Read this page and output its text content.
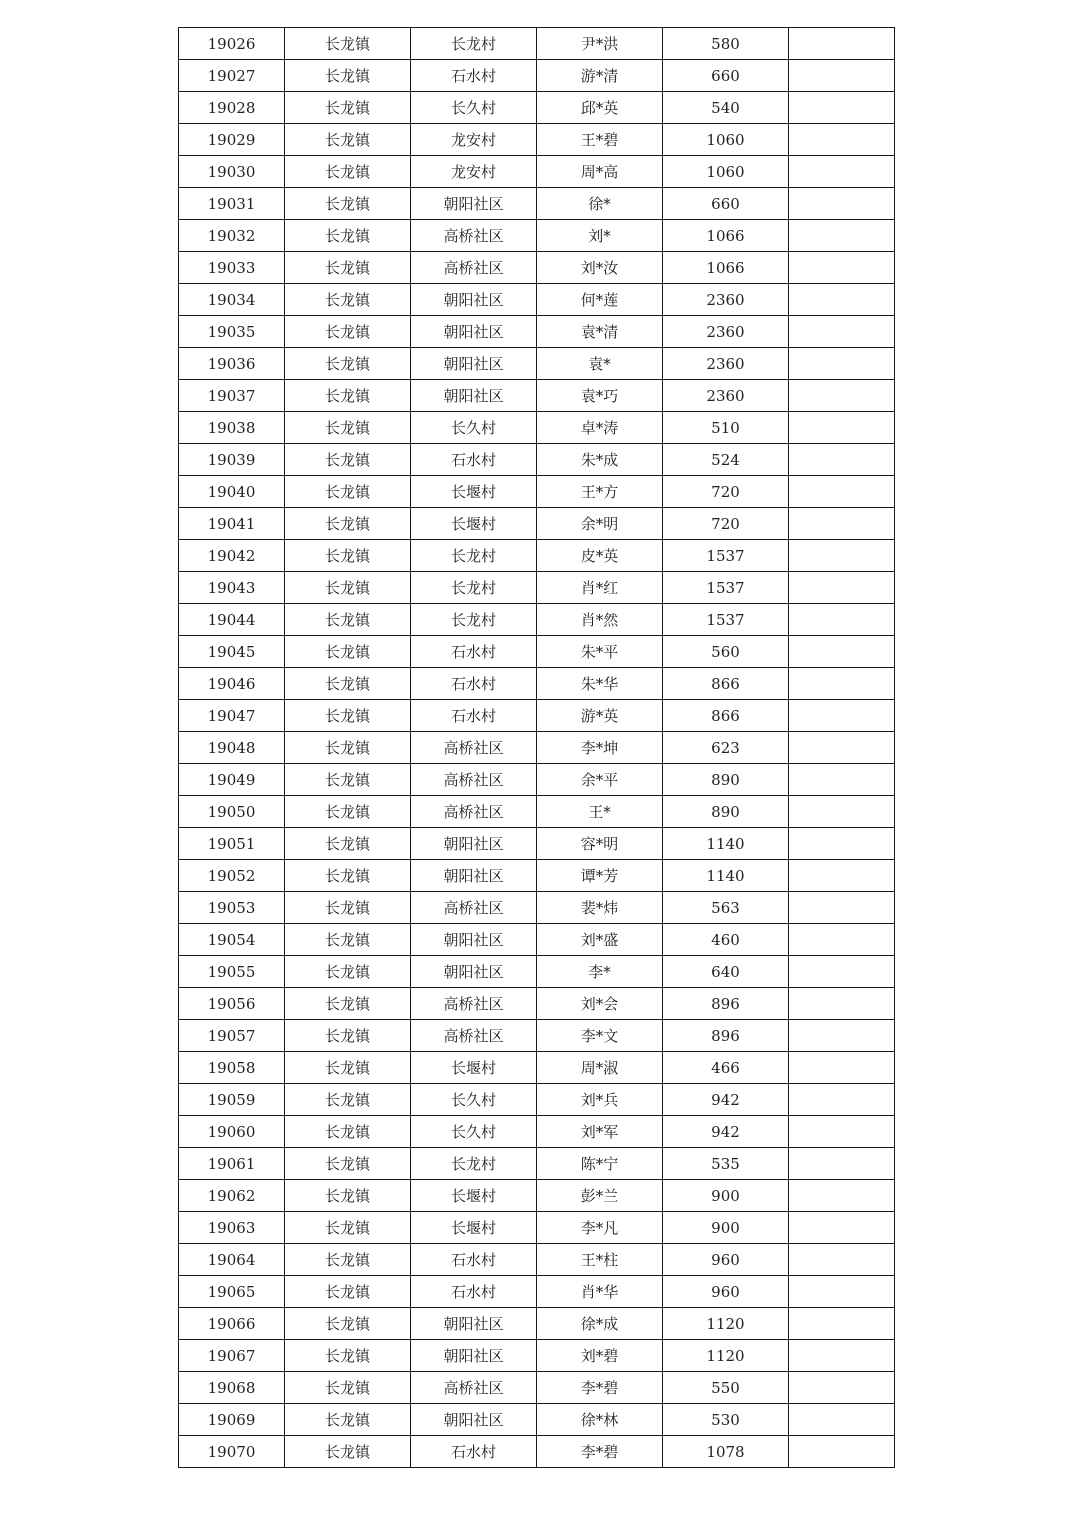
19026	长龙镇	长龙村	尹*洪	580	
19027	长龙镇	石水村	游*清	660	
19028	长龙镇	长久村	邱*英	540	
19029	长龙镇	龙安村	王*碧	1060	
19030	长龙镇	龙安村	周*高	1060	
19031	长龙镇	朝阳社区	徐*	660	
19032	长龙镇	高桥社区	刘*	1066	
19033	长龙镇	高桥社区	刘*汝	1066	
19034	长龙镇	朝阳社区	何*莲	2360	
19035	长龙镇	朝阳社区	袁*清	2360	
19036	长龙镇	朝阳社区	袁*	2360	
19037	长龙镇	朝阳社区	袁*巧	2360	
19038	长龙镇	长久村	卓*涛	510	
19039	长龙镇	石水村	朱*成	524	
19040	长龙镇	长堰村	王*方	720	
19041	长龙镇	长堰村	余*明	720	
19042	长龙镇	长龙村	皮*英	1537	
19043	长龙镇	长龙村	肖*红	1537	
19044	长龙镇	长龙村	肖*然	1537	
19045	长龙镇	石水村	朱*平	560	
19046	长龙镇	石水村	朱*华	866	
19047	长龙镇	石水村	游*英	866	
19048	长龙镇	高桥社区	李*坤	623	
19049	长龙镇	高桥社区	余*平	890	
19050	长龙镇	高桥社区	王*	890	
19051	长龙镇	朝阳社区	容*明	1140	
19052	长龙镇	朝阳社区	谭*芳	1140	
19053	长龙镇	高桥社区	裴*炜	563	
19054	长龙镇	朝阳社区	刘*盛	460	
19055	长龙镇	朝阳社区	李*	640	
19056	长龙镇	高桥社区	刘*会	896	
19057	长龙镇	高桥社区	李*文	896	
19058	长龙镇	长堰村	周*淑	466	
19059	长龙镇	长久村	刘*兵	942	
19060	长龙镇	长久村	刘*军	942	
19061	长龙镇	长龙村	陈*宁	535	
19062	长龙镇	长堰村	彭*兰	900	
19063	长龙镇	长堰村	李*凡	900	
19064	长龙镇	石水村	王*柱	960	
19065	长龙镇	石水村	肖*华	960	
19066	长龙镇	朝阳社区	徐*成	1120	
19067	长龙镇	朝阳社区	刘*碧	1120	
19068	长龙镇	高桥社区	李*碧	550	
19069	长龙镇	朝阳社区	徐*林	530	
19070	长龙镇	石水村	李*碧	1078	
